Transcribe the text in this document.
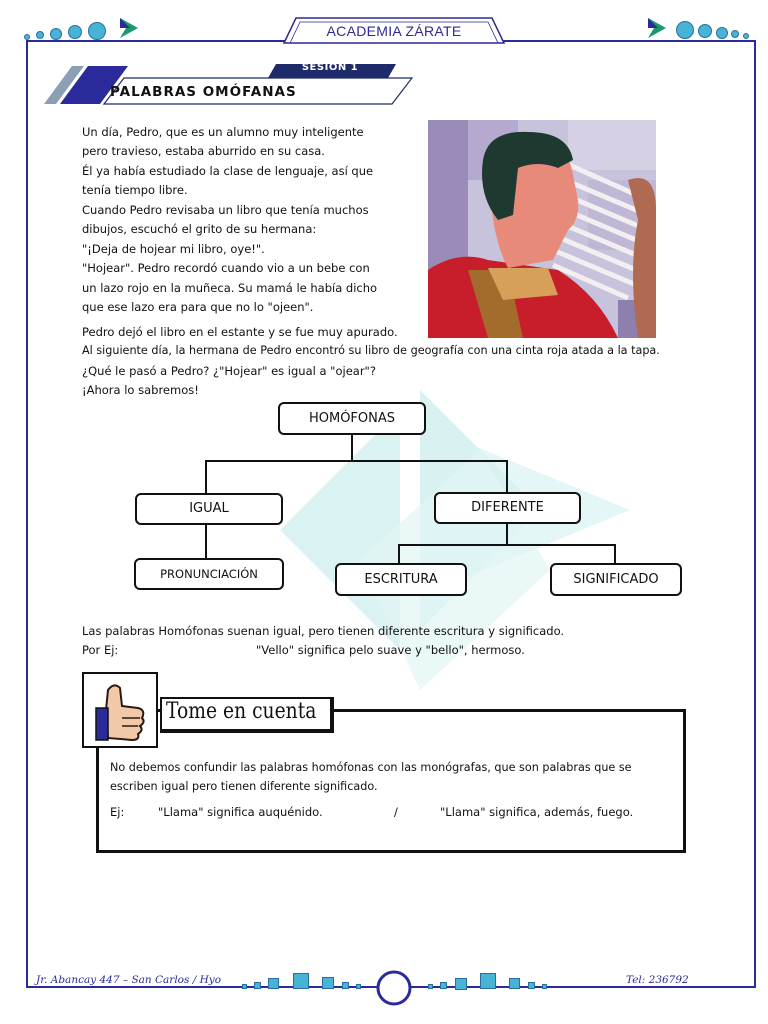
ACADEMIA ZÁRATE
SESION 1
PALABRAS OMÓFANAS
Un día, Pedro, que es un alumno muy inteligente
pero travieso, estaba aburrido en su casa.
Él ya había estudiado la clase de lenguaje, así que
tenía tiempo libre.
Cuando Pedro revisaba un libro que tenía muchos
dibujos, escuchó el grito de su hermana:
"¡Deja de hojear mi libro, oye!".
"Hojear". Pedro recordó cuando vio a un bebe con
un lazo rojo en la muñeca. Su mamá le había dicho
que ese lazo era para que no lo "ojeen".
Pedro dejó el libro en el estante y se fue muy apurado.
Al siguiente día, la hermana de Pedro encontró su libro de geografía con una cinta roja atada a la tapa.
¿Qué le pasó a Pedro? ¿"Hojear" es igual a "ojear"?
¡Ahora lo sabremos!
HOMÓFONAS
IGUAL	DIFERENTE
PRONUNCIACIÓN	ESCRITURA	SIGNIFICADO
Las palabras Homófonas suenan igual, pero tienen diferente escritura y significado.
Por Ej:	"Vello" significa pelo suave y "bello", hermoso.
Tome en cuenta
No debemos confundir las palabras homófonas con las monógrafas, que son palabras que se
escriben igual pero tienen diferente significado.
Ej:	"Llama" significa auquénido.	/	"Llama" significa, además, fuego.
Jr. Abancay 447 – San Carlos / Hyo	Tel: 236792
